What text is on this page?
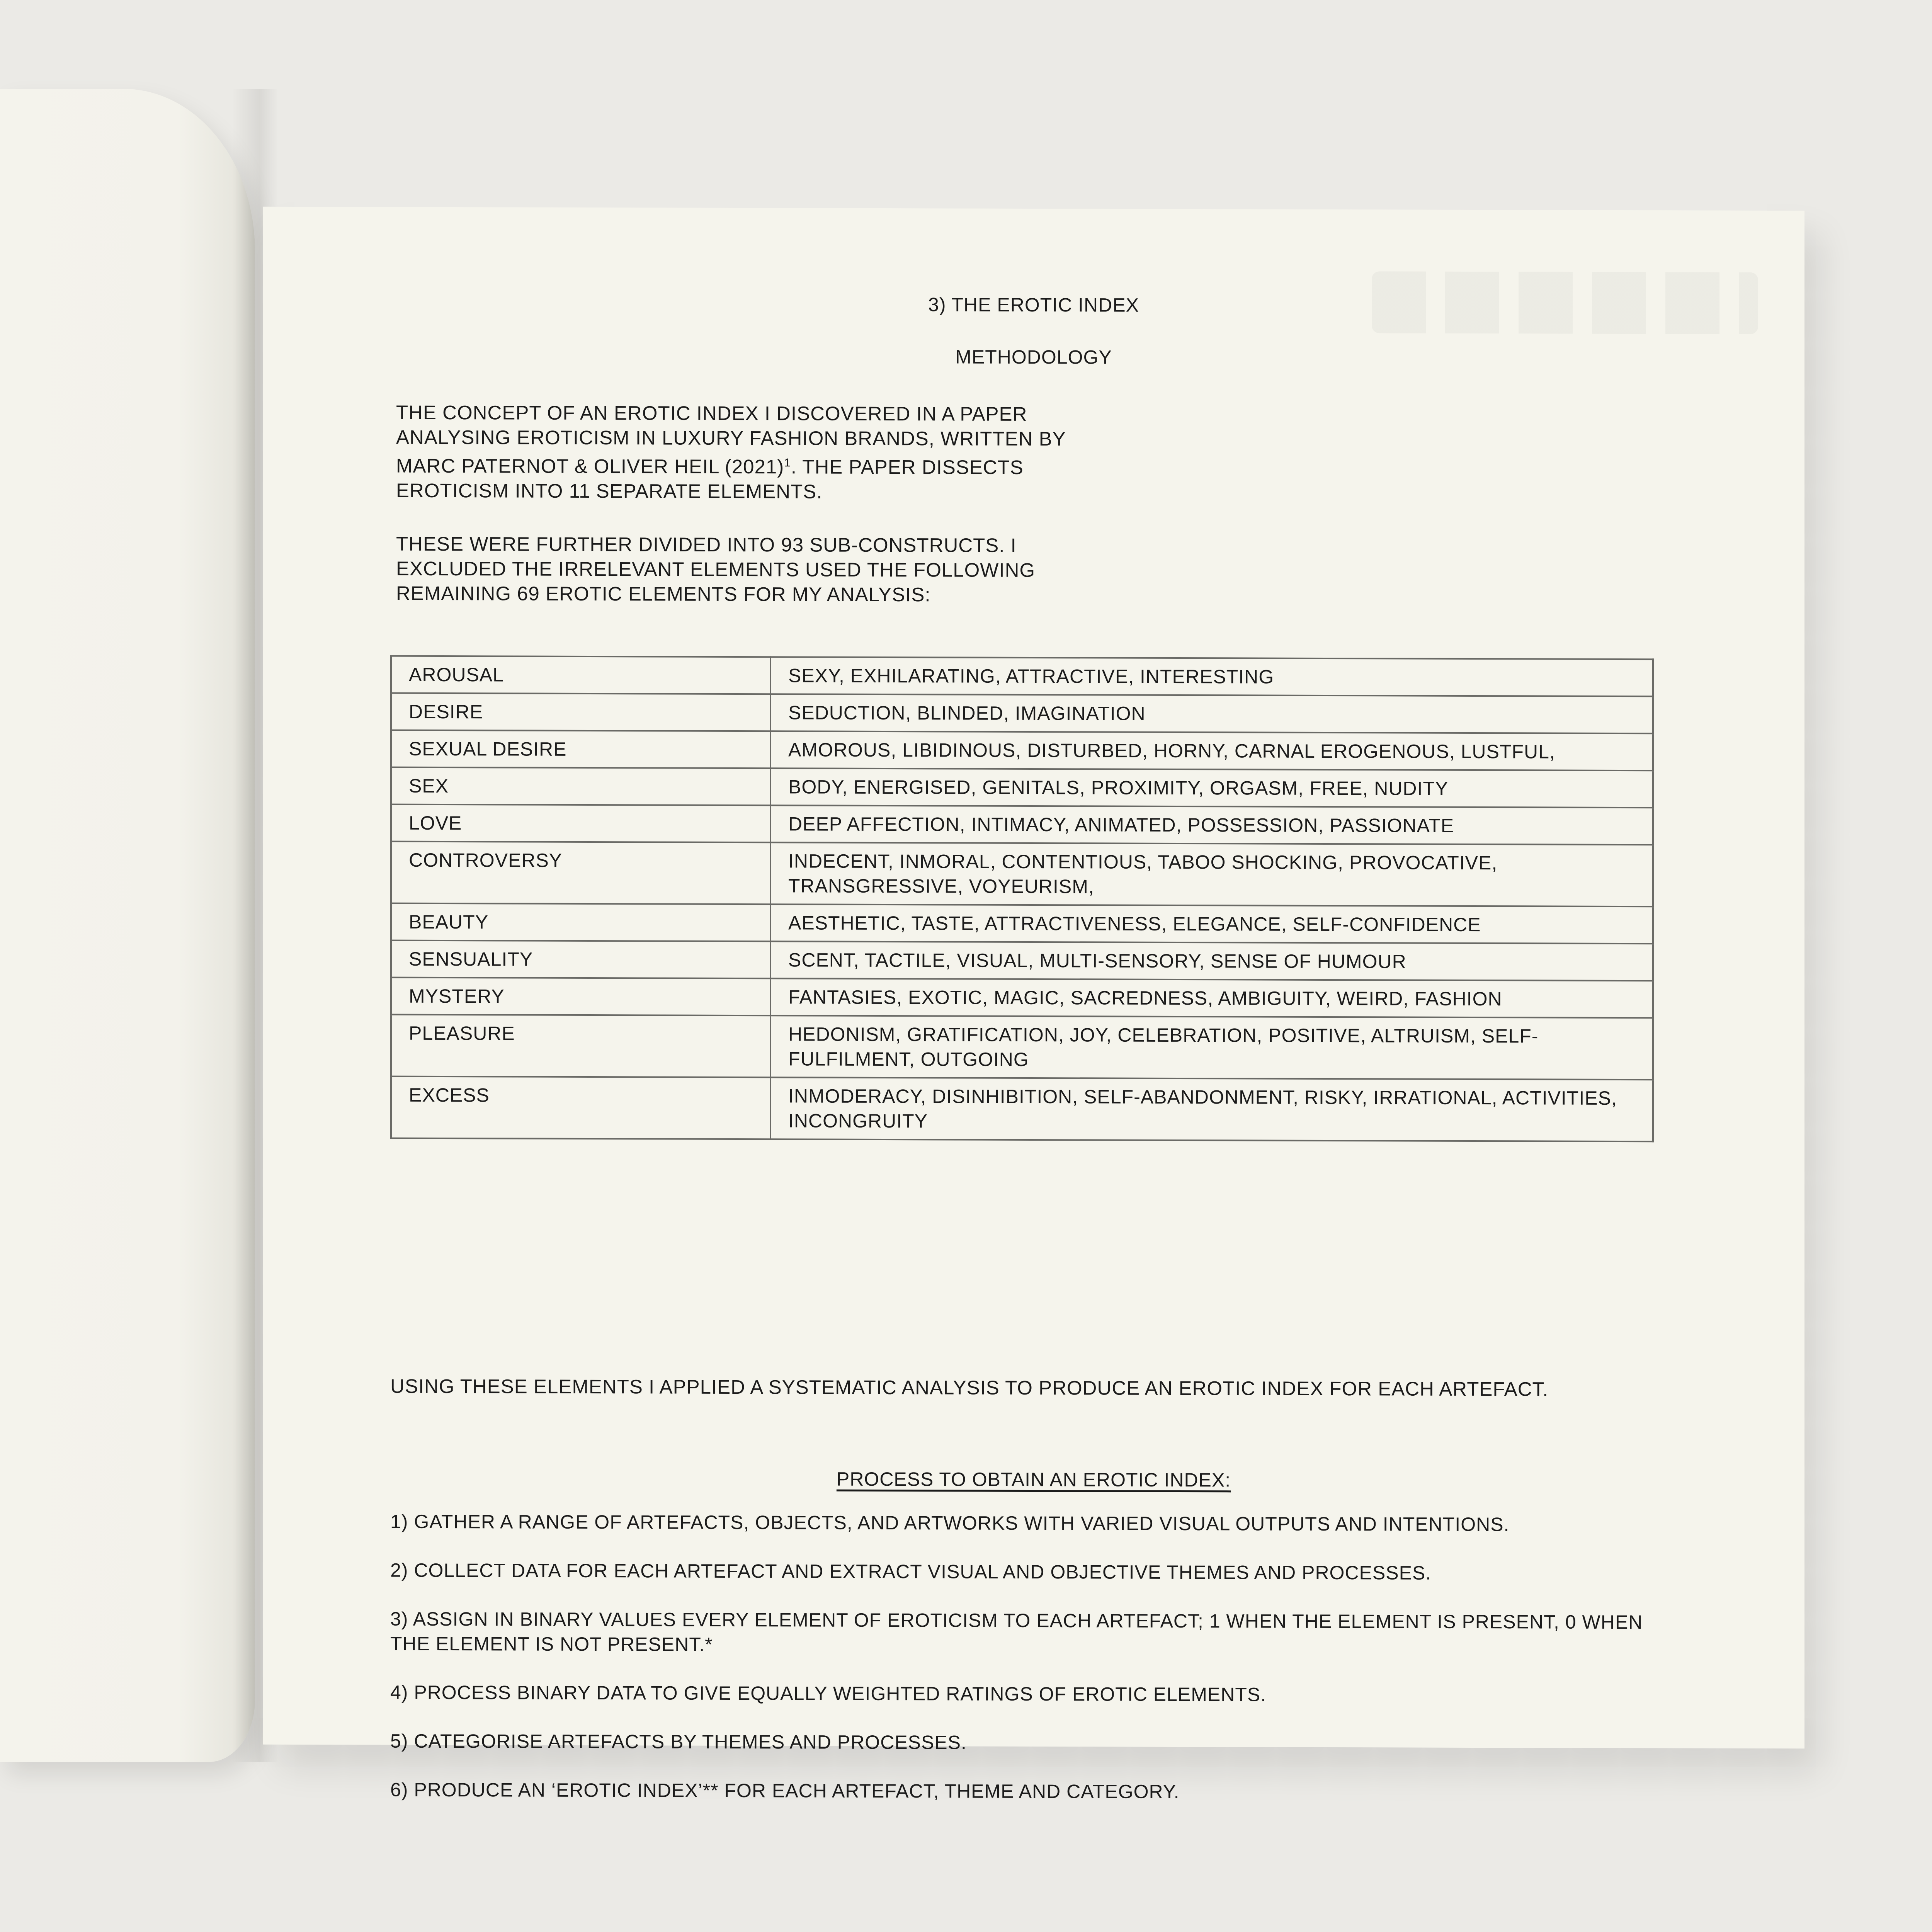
3) THE EROTIC INDEX
METHODOLOGY

THE CONCEPT OF AN EROTIC INDEX I DISCOVERED IN A PAPER ANALYSING EROTICISM IN LUXURY FASHION BRANDS, WRITTEN BY MARC PATERNOT & OLIVER HEIL $(2021)^1$. THE PAPER DISSECTS EROTICISM INTO 11 SEPARATE ELEMENTS.

THESE WERE FURTHER DIVIDED INTO 93 SUB-CONSTRUCTS. I EXCLUDED THE IRRELEVANT ELEMENTS USED THE FOLLOWING REMAINING 69 EROTIC ELEMENTS FOR MY ANALYSIS:

AROUSAL	SEXY, EXHILARATING, ATTRACTIVE, INTERESTING
DESIRE	SEDUCTION, BLINDED, IMAGINATION
SEXUAL DESIRE	AMOROUS, LIBIDINOUS, DISTURBED, HORNY, CARNAL EROGENOUS, LUSTFUL,
SEX	BODY, ENERGISED, GENITALS, PROXIMITY, ORGASM, FREE, NUDITY
LOVE	DEEP AFFECTION, INTIMACY, ANIMATED, POSSESSION, PASSIONATE
CONTROVERSY	INDECENT, INMORAL, CONTENTIOUS, TABOO SHOCKING, PROVOCATIVE, TRANSGRESSIVE, VOYEURISM,
BEAUTY	AESTHETIC, TASTE, ATTRACTIVENESS, ELEGANCE, SELF-CONFIDENCE
SENSUALITY	SCENT, TACTILE, VISUAL, MULTI-SENSORY, SENSE OF HUMOUR
MYSTERY	FANTASIES, EXOTIC, MAGIC, SACREDNESS, AMBIGUITY, WEIRD, FASHION
PLEASURE	HEDONISM, GRATIFICATION, JOY, CELEBRATION, POSITIVE, ALTRUISM, SELF-FULFILMENT, OUTGOING
EXCESS	INMODERACY, DISINHIBITION, SELF-ABANDONMENT, RISKY, IRRATIONAL, ACTIVITIES, INCONGRUITY

USING THESE ELEMENTS I APPLIED A SYSTEMATIC ANALYSIS TO PRODUCE AN EROTIC INDEX FOR EACH ARTEFACT.

PROCESS TO OBTAIN AN EROTIC INDEX:
1) GATHER A RANGE OF ARTEFACTS, OBJECTS, AND ARTWORKS WITH VARIED VISUAL OUTPUTS AND INTENTIONS.
2) COLLECT DATA FOR EACH ARTEFACT AND EXTRACT VISUAL AND OBJECTIVE THEMES AND PROCESSES.
3) ASSIGN IN BINARY VALUES EVERY ELEMENT OF EROTICISM TO EACH ARTEFACT; 1 WHEN THE ELEMENT IS PRESENT, 0 WHEN THE ELEMENT IS NOT PRESENT.*
4) PROCESS BINARY DATA TO GIVE EQUALLY WEIGHTED RATINGS OF EROTIC ELEMENTS.
5) CATEGORISE ARTEFACTS BY THEMES AND PROCESSES.
6) PRODUCE AN ‘EROTIC INDEX’** FOR EACH ARTEFACT, THEME AND CATEGORY.
